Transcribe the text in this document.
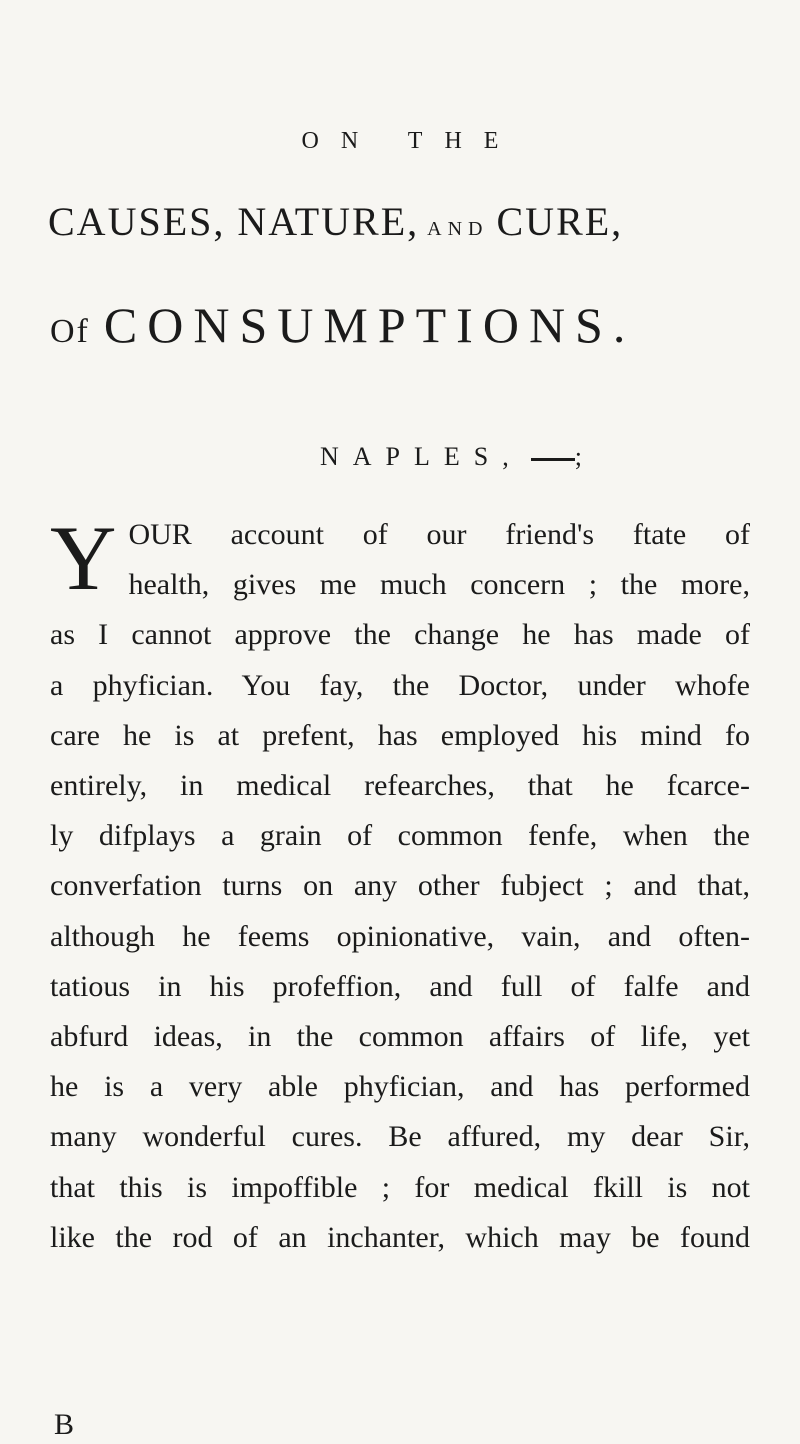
ON THE
CAUSES, NATURE, AND CURE,
Of CONSUMPTIONS.
NAPLES, ;
Y OUR account of our friend's ftate of
health, gives me much concern ; the more,
as I cannot approve the change he has made of
a phyfician. You fay, the Doctor, under whofe
care he is at prefent, has employed his mind fo
entirely, in medical refearches, that he fcarce-
ly difplays a grain of common fenfe, when the
converfation turns on any other fubject ; and that,
although he feems opinionative, vain, and often-
tatious in his profeffion, and full of falfe and
abfurd ideas, in the common affairs of life, yet
he is a very able phyfician, and has performed
many wonderful cures. Be affured, my dear Sir,
that this is impoffible ; for medical fkill is not
like the rod of an inchanter, which may be found
B
